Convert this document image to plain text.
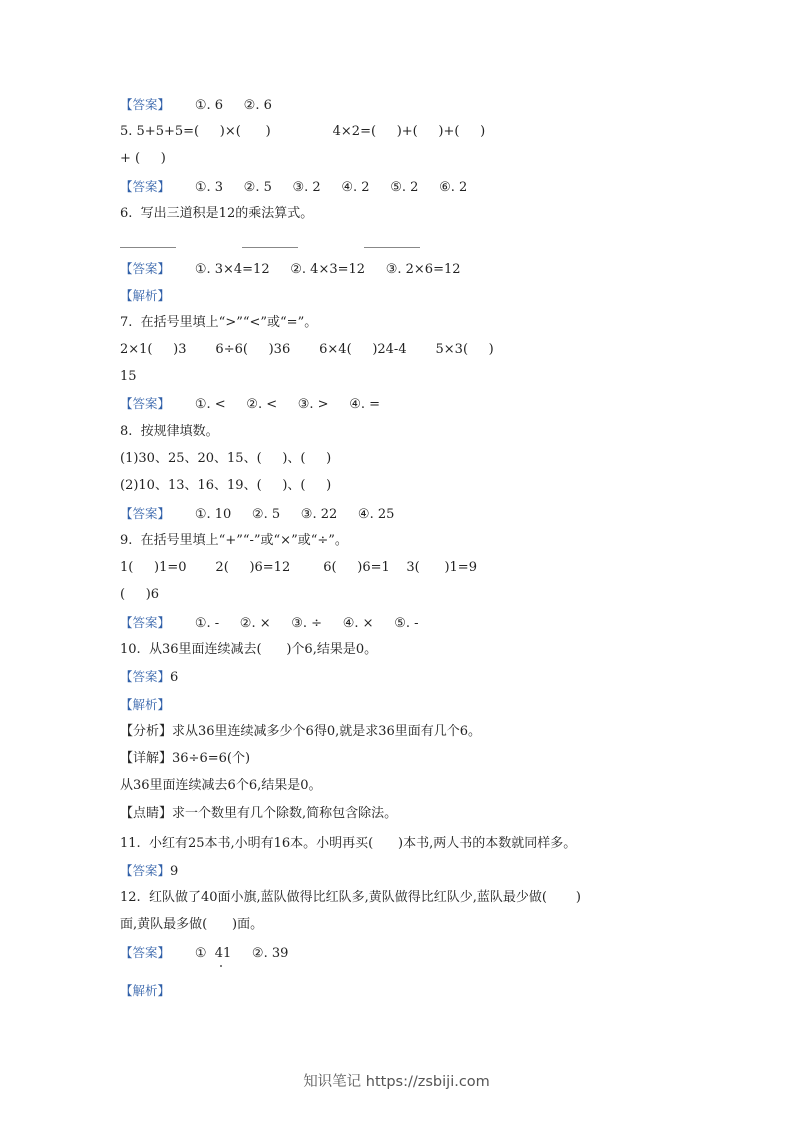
【答案】 ①. 6     ②. 6
5. 5+5+5=(     )×(      )               4×2=(     )+(     )+(     )
+ (     )
【答案】 ①. 3     ②. 5     ③. 2     ④. 2     ⑤. 2     ⑥. 2
6.  写出三道积是12的乘法算式。

【答案】 ①. 3×4=12     ②. 4×3=12     ③. 2×6=12
【解析】
7.  在括号里填上“>”“<”或“=”。
2×1(     )3       6÷6(     )36       6×4(     )24-4       5×3(     )
15
【答案】 ①. <     ②. <     ③. >     ④. =
8.  按规律填数。
(1)30、25、20、15、(     )、(     )
(2)10、13、16、19、(     )、(     )
【答案】 ①. 10     ②. 5     ③. 22     ④. 25
9.  在括号里填上“+”“-”或“×”或“÷”。
1(     )1=0       2(     )6=12        6(     )6=1    3(      )1=9
(     )6
【答案】 ①. -     ②. ×     ③. ÷     ④. ×     ⑤. -
10.  从36里面连续减去(      )个6,结果是0。
【答案】6
【解析】
【分析】求从36里连续减多少个6得0,就是求36里面有几个6。
【详解】36÷6=6(个)
从36里面连续减去6个6,结果是0。
【点睛】求一个数里有几个除数,简称包含除法。
11.  小红有25本书,小明有16本。小明再买(      )本书,两人书的本数就同样多。
【答案】9
12.  红队做了40面小旗,蓝队做得比红队多,黄队做得比红队少,蓝队最少做(       )
面,黄队最多做(      )面。
【答案】 ①  41     ②. 39
【解析】
知识笔记 https://zsbiji.com
